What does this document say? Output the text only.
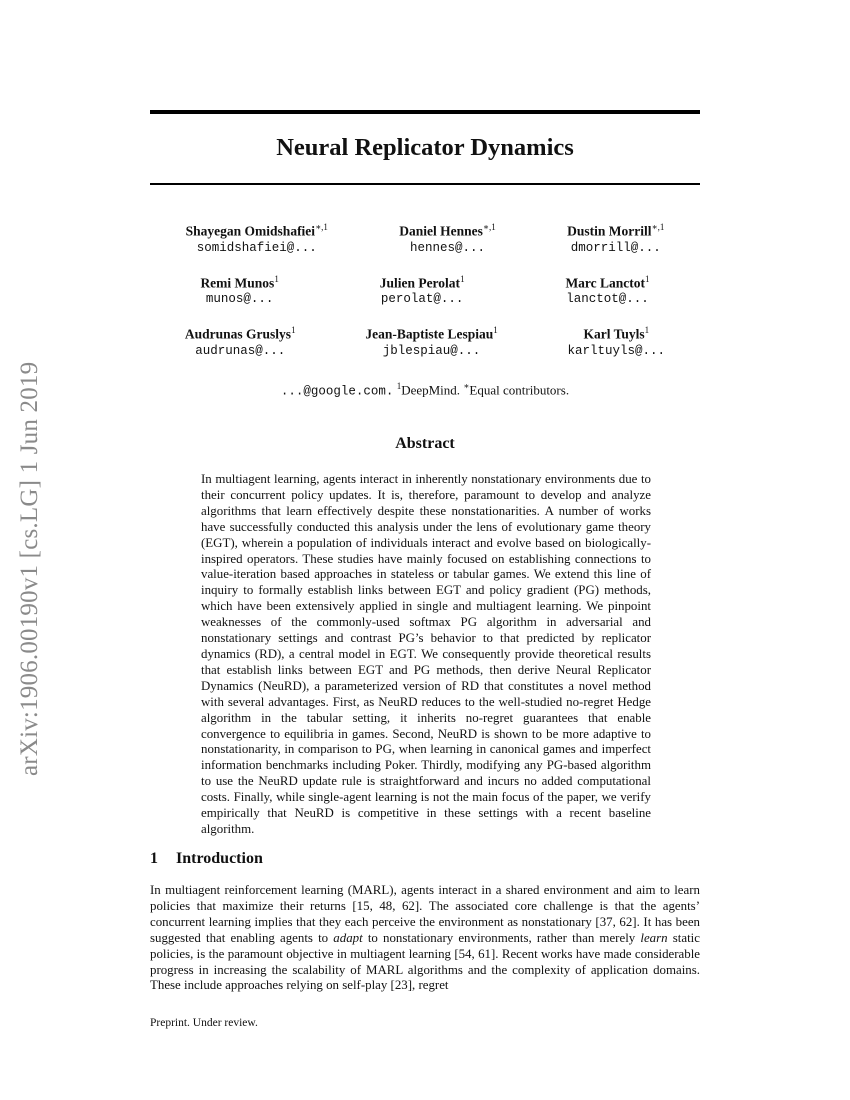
arXiv:1906.00190v1 [cs.LG] 1 Jun 2019
Neural Replicator Dynamics
Shayegan Omidshafiei$^{∗,1}$
somidshafiei@...
Daniel Hennes$^{∗,1}$
hennes@...
Dustin Morrill$^{∗,1}$
dmorrill@...
Remi Munos$^1$
munos@...
Julien Perolat$^1$
perolat@...
Marc Lanctot$^1$
lanctot@...
Audrunas Gruslys$^1$
audrunas@...
Jean-Baptiste Lespiau$^1$
jblespiau@...
Karl Tuyls$^1$
karltuyls@...
...@google.com. $^1$DeepMind. ∗Equal contributors.
Abstract

In multiagent learning, agents interact in inherently nonstationary environments due to their concurrent policy updates. It is, therefore, paramount to develop and analyze algorithms that learn effectively despite these nonstationarities. A number of works have successfully conducted this analysis under the lens of evolutionary game theory (EGT), wherein a population of individuals interact and evolve based on biologically-inspired operators. These studies have mainly focused on establishing connections to value-iteration based approaches in stateless or tabular games. We extend this line of inquiry to formally establish links between EGT and policy gradient (PG) methods, which have been extensively applied in single and multiagent learning. We pinpoint weaknesses of the commonly-used softmax PG algorithm in adversarial and nonstationary settings and contrast PG’s behavior to that predicted by replicator dynamics (RD), a central model in EGT. We consequently provide theoretical results that establish links between EGT and PG methods, then derive Neural Replicator Dynamics (NeuRD), a parameterized version of RD that constitutes a novel method with several advantages. First, as NeuRD reduces to the well-studied no-regret Hedge algorithm in the tabular setting, it inherits no-regret guarantees that enable convergence to equilibria in games. Second, NeuRD is shown to be more adaptive to nonstationarity, in comparison to PG, when learning in canonical games and imperfect information benchmarks including Poker. Thirdly, modifying any PG-based algorithm to use the NeuRD update rule is straightforward and incurs no added computational costs. Finally, while single-agent learning is not the main focus of the paper, we verify empirically that NeuRD is competitive in these settings with a recent baseline algorithm.

1 Introduction

In multiagent reinforcement learning (MARL), agents interact in a shared environment and aim to learn policies that maximize their returns [15, 48, 62]. The associated core challenge is that the agents’ concurrent learning implies that they each perceive the environment as nonstationary [37, 62]. It has been suggested that enabling agents to adapt to nonstationary environments, rather than merely learn static policies, is the paramount objective in multiagent learning [54, 61]. Recent works have made considerable progress in increasing the scalability of MARL algorithms and the complexity of application domains. These include approaches relying on self-play [23], regret

Preprint. Under review.
